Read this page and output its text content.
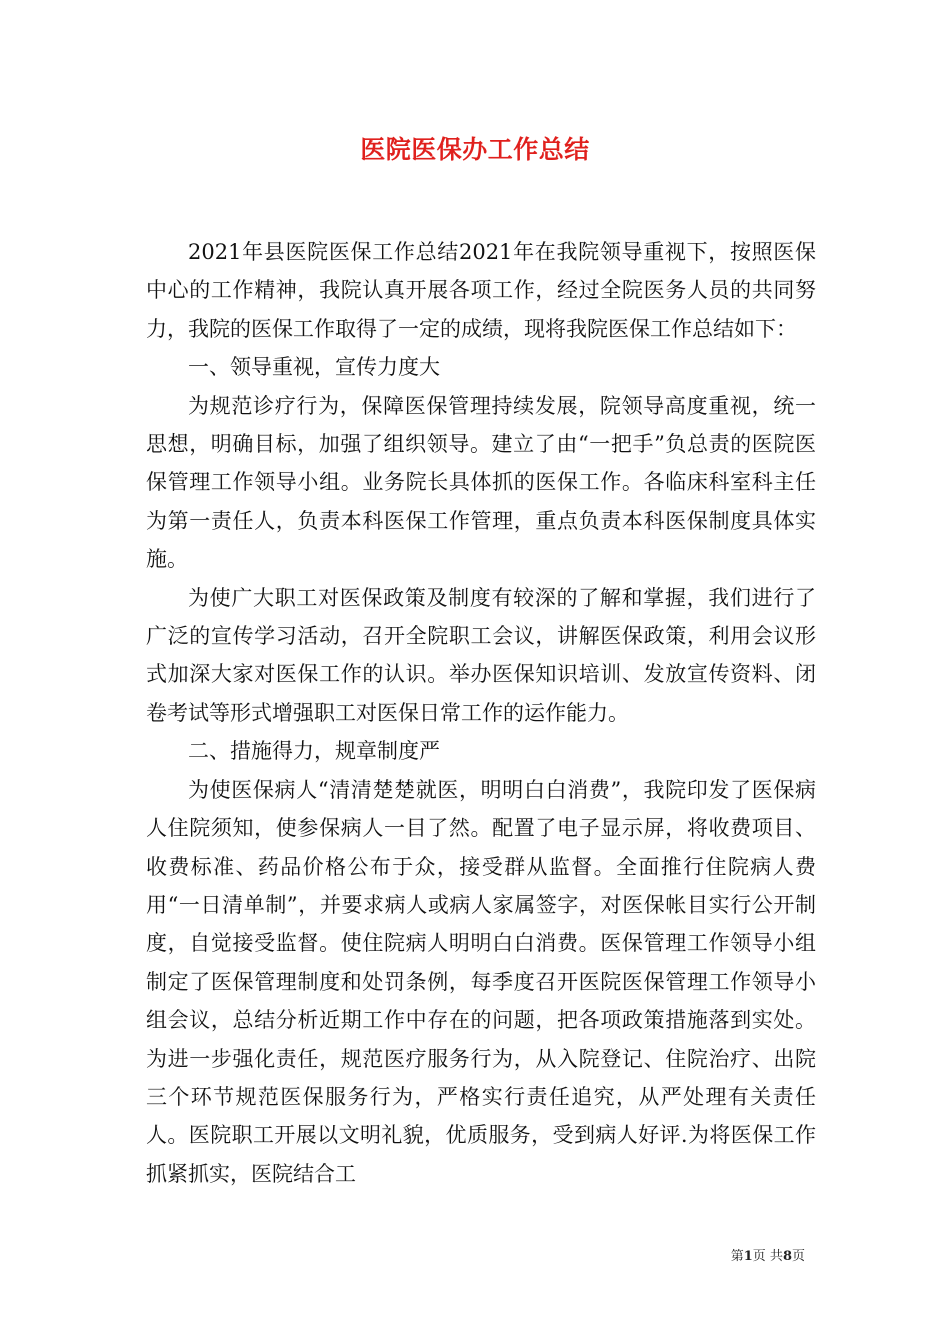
医院医保办工作总结

2021年县医院医保工作总结2021年在我院领导重视下，按照医保中心的工作精神，我院认真开展各项工作，经过全院医务人员的共同努力，我院的医保工作取得了一定的成绩，现将我院医保工作总结如下：

一、领导重视，宣传力度大

为规范诊疗行为，保障医保管理持续发展，院领导高度重视，统一思想，明确目标，加强了组织领导。建立了由“一把手”负总责的医院医保管理工作领导小组。业务院长具体抓的医保工作。各临床科室科主任为第一责任人，负责本科医保工作管理，重点负责本科医保制度具体实施。

为使广大职工对医保政策及制度有较深的了解和掌握，我们进行了广泛的宣传学习活动，召开全院职工会议，讲解医保政策，利用会议形式加深大家对医保工作的认识。举办医保知识培训、发放宣传资料、闭卷考试等形式增强职工对医保日常工作的运作能力。

二、措施得力，规章制度严

为使医保病人“清清楚楚就医，明明白白消费”，我院印发了医保病人住院须知，使参保病人一目了然。配置了电子显示屏，将收费项目、收费标准、药品价格公布于众，接受群从监督。全面推行住院病人费用“一日清单制”，并要求病人或病人家属签字，对医保帐目实行公开制度，自觉接受监督。使住院病人明明白白消费。医保管理工作领导小组制定了医保管理制度和处罚条例，每季度召开医院医保管理工作领导小组会议，总结分析近期工作中存在的问题，把各项政策措施落到实处。为进一步强化责任，规范医疗服务行为，从入院登记、住院治疗、出院三个环节规范医保服务行为，严格实行责任追究，从严处理有关责任人。医院职工开展以文明礼貌，优质服务，受到病人好评.为将医保工作抓紧抓实，医院结合工

第1页 共8页
